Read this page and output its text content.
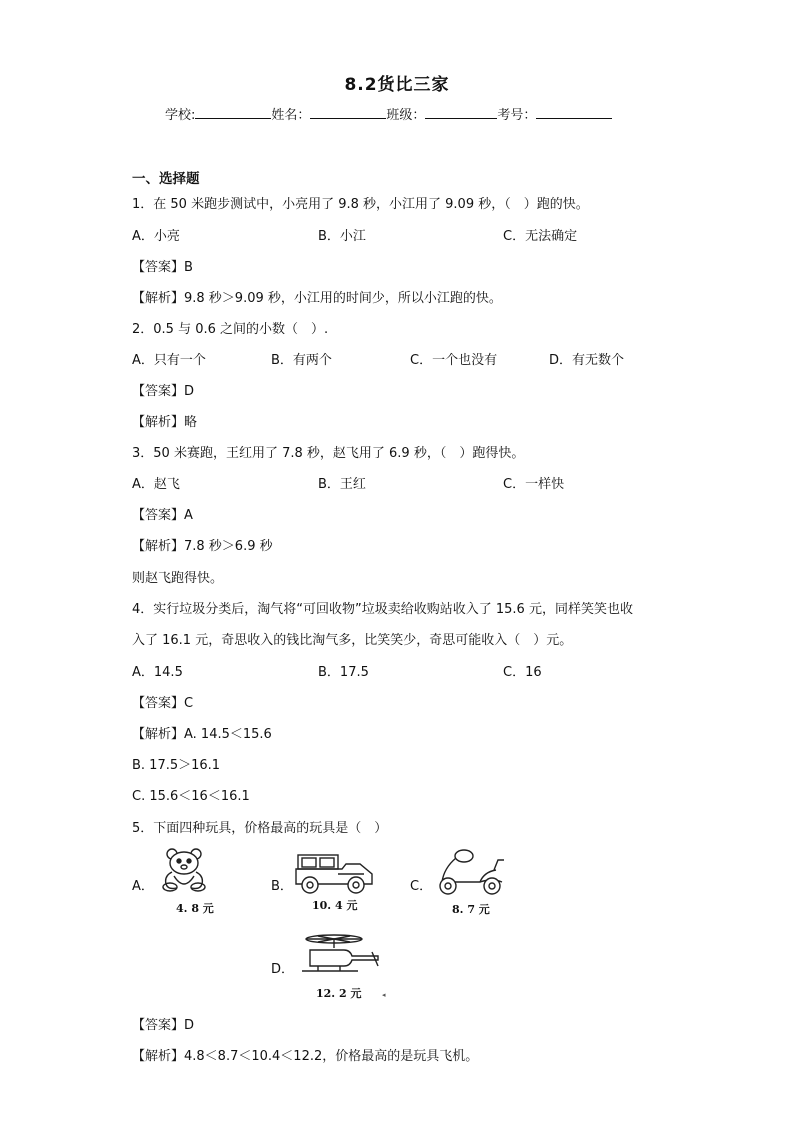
8.2货比三家
学校:	姓名：	班级：	考号：
一、选择题
1．在 50 米跑步测试中，小亮用了 9.8 秒，小江用了 9.09 秒，（　）跑的快。
A．小亮	B．小江	C．无法确定
【答案】B
【解析】9.8 秒＞9.09 秒，小江用的时间少，所以小江跑的快。
2．0.5 与 0.6 之间的小数（　）.
A．只有一个	B．有两个	C．一个也没有	D．有无数个
【答案】D
【解析】略
3．50 米赛跑，王红用了 7.8 秒，赵飞用了 6.9 秒，（　）跑得快。
A．赵飞	B．王红	C．一样快
【答案】A
【解析】7.8 秒＞6.9 秒
则赵飞跑得快。
4．实行垃圾分类后，淘气将“可回收物”垃圾卖给收购站收入了 15.6 元，同样笑笑也收
入了 16.1 元，奇思收入的钱比淘气多，比笑笑少，奇思可能收入（　）元。
A．14.5	B．17.5	C．16
【答案】C
【解析】A. 14.5＜15.6
B. 17.5＞16.1
C. 15.6＜16＜16.1
5．下面四种玩具，价格最高的玩具是（　）
A．
4. 8 元
B．
10. 4 元
C．
8. 7 元
D．
12. 2 元	◂
【答案】D
【解析】4.8＜8.7＜10.4＜12.2，价格最高的是玩具飞机。
